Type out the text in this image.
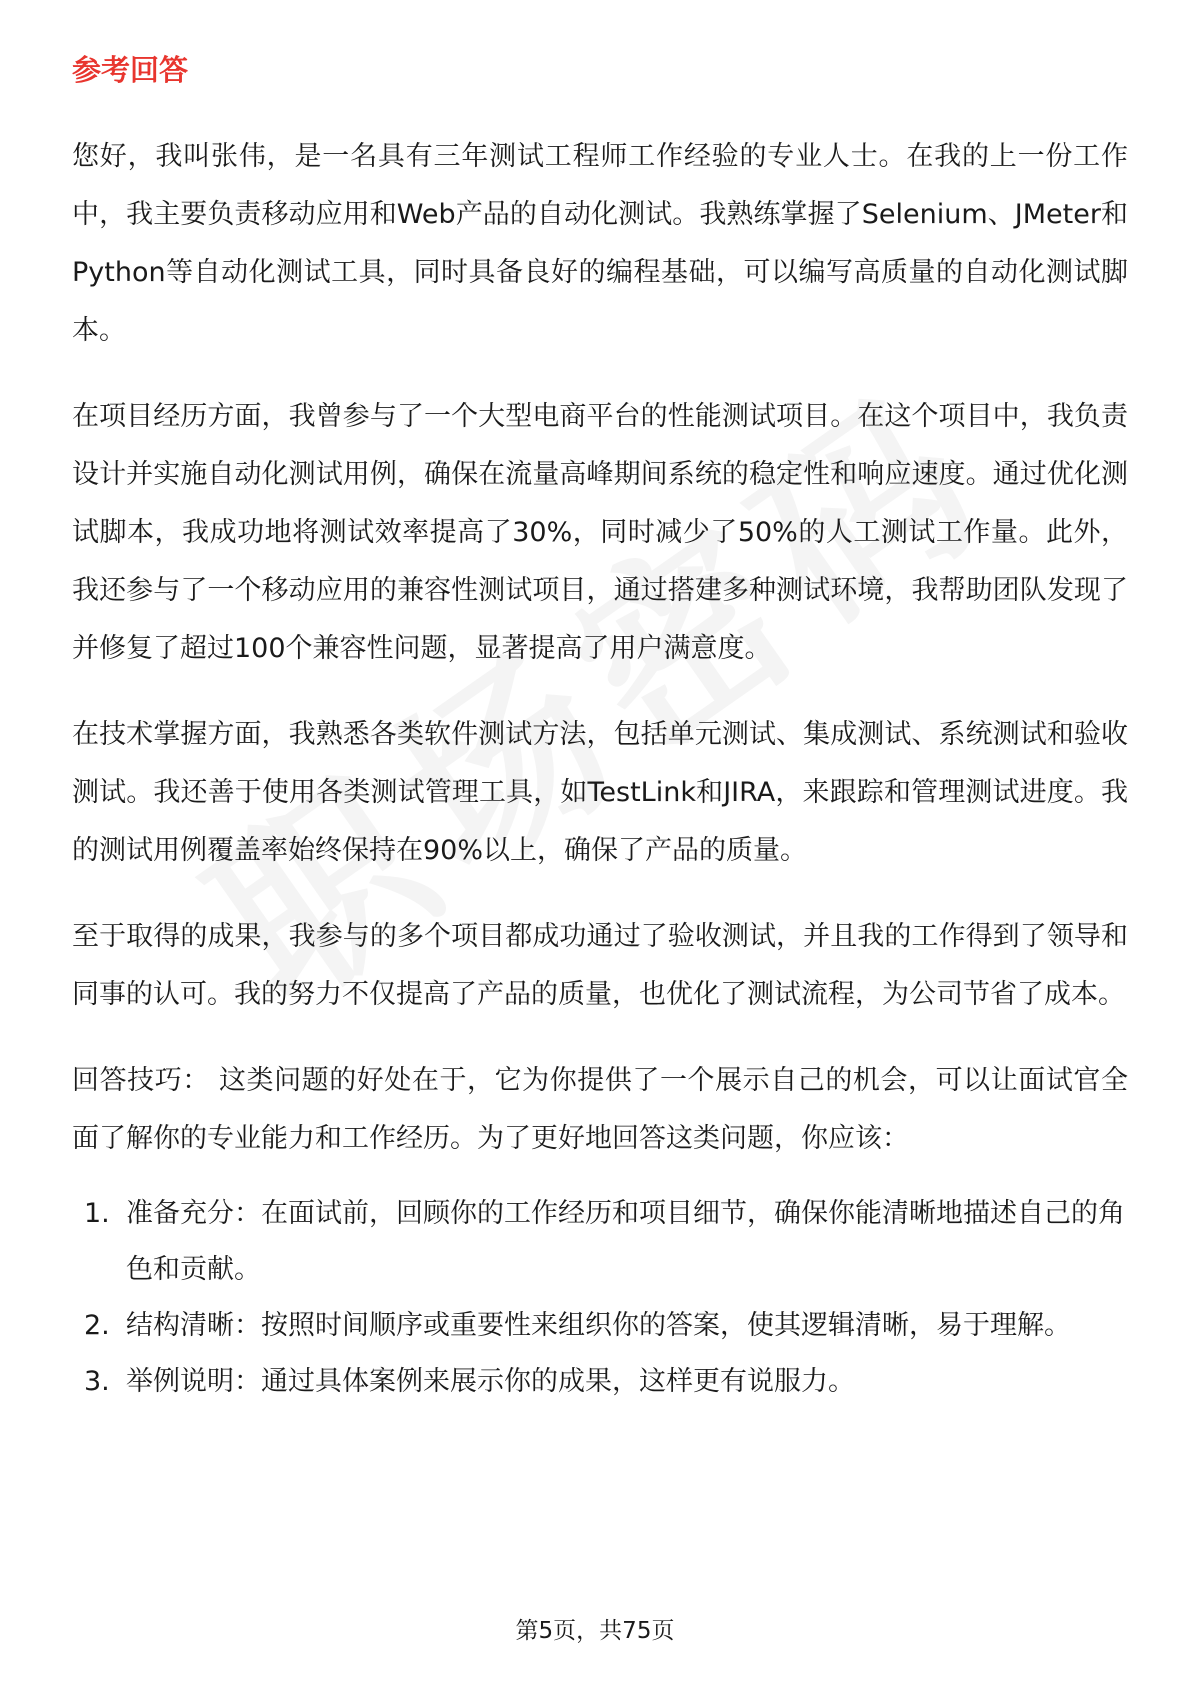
参考回答

您好，我叫张伟，是一名具有三年测试工程师工作经验的专业人士。在我的上一份工作中，我主要负责移动应用和Web产品的自动化测试。我熟练掌握了Selenium、JMeter和Python等自动化测试工具，同时具备良好的编程基础，可以编写高质量的自动化测试脚本。

在项目经历方面，我曾参与了一个大型电商平台的性能测试项目。在这个项目中，我负责设计并实施自动化测试用例，确保在流量高峰期间系统的稳定性和响应速度。通过优化测试脚本，我成功地将测试效率提高了30%，同时减少了50%的人工测试工作量。此外，我还参与了一个移动应用的兼容性测试项目，通过搭建多种测试环境，我帮助团队发现了并修复了超过100个兼容性问题，显著提高了用户满意度。

在技术掌握方面，我熟悉各类软件测试方法，包括单元测试、集成测试、系统测试和验收测试。我还善于使用各类测试管理工具，如TestLink和JIRA，来跟踪和管理测试进度。我的测试用例覆盖率始终保持在90%以上，确保了产品的质量。

至于取得的成果，我参与的多个项目都成功通过了验收测试，并且我的工作得到了领导和同事的认可。我的努力不仅提高了产品的质量，也优化了测试流程，为公司节省了成本。

回答技巧： 这类问题的好处在于，它为你提供了一个展示自己的机会，可以让面试官全面了解你的专业能力和工作经历。为了更好地回答这类问题，你应该：

1. 准备充分：在面试前，回顾你的工作经历和项目细节，确保你能清晰地描述自己的角色和贡献。
2. 结构清晰：按照时间顺序或重要性来组织你的答案，使其逻辑清晰，易于理解。
3. 举例说明：通过具体案例来展示你的成果，这样更有说服力。
第5页，共75页
